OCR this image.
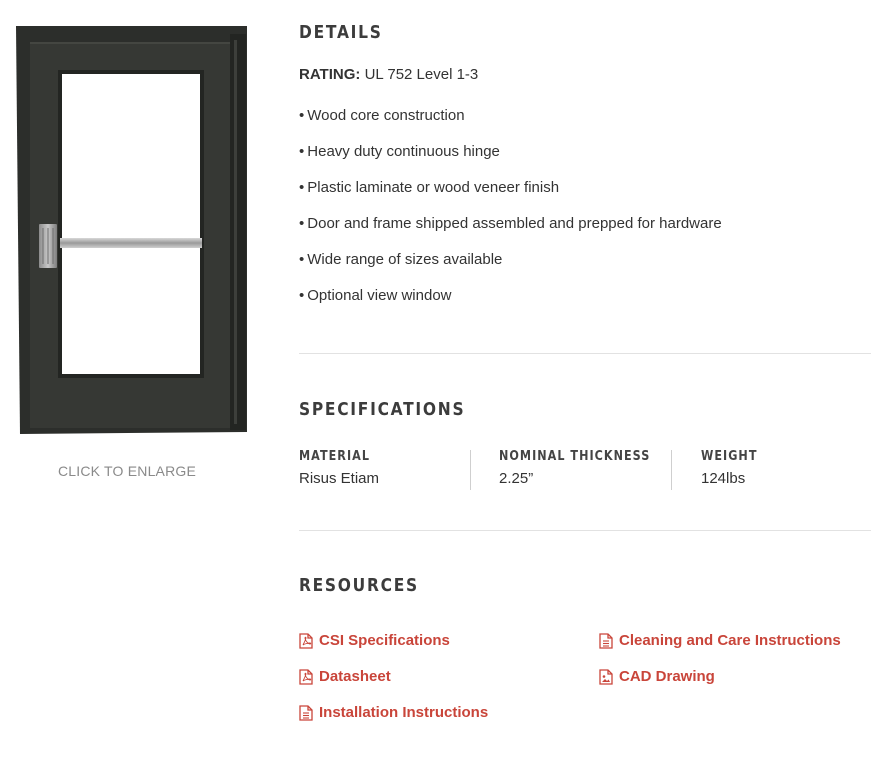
CLICK TO ENLARGE
DETAILS
RATING: UL 752 Level 1-3
• Wood core construction
• Heavy duty continuous hinge
• Plastic laminate or wood veneer finish
• Door and frame shipped assembled and prepped for hardware
• Wide range of sizes available
• Optional view window
SPECIFICATIONS
MATERIAL
Risus Etiam
NOMINAL THICKNESS
2.25”
WEIGHT
124lbs
RESOURCES
CSI Specifications	Cleaning and Care Instructions
Datasheet	CAD Drawing
Installation Instructions
